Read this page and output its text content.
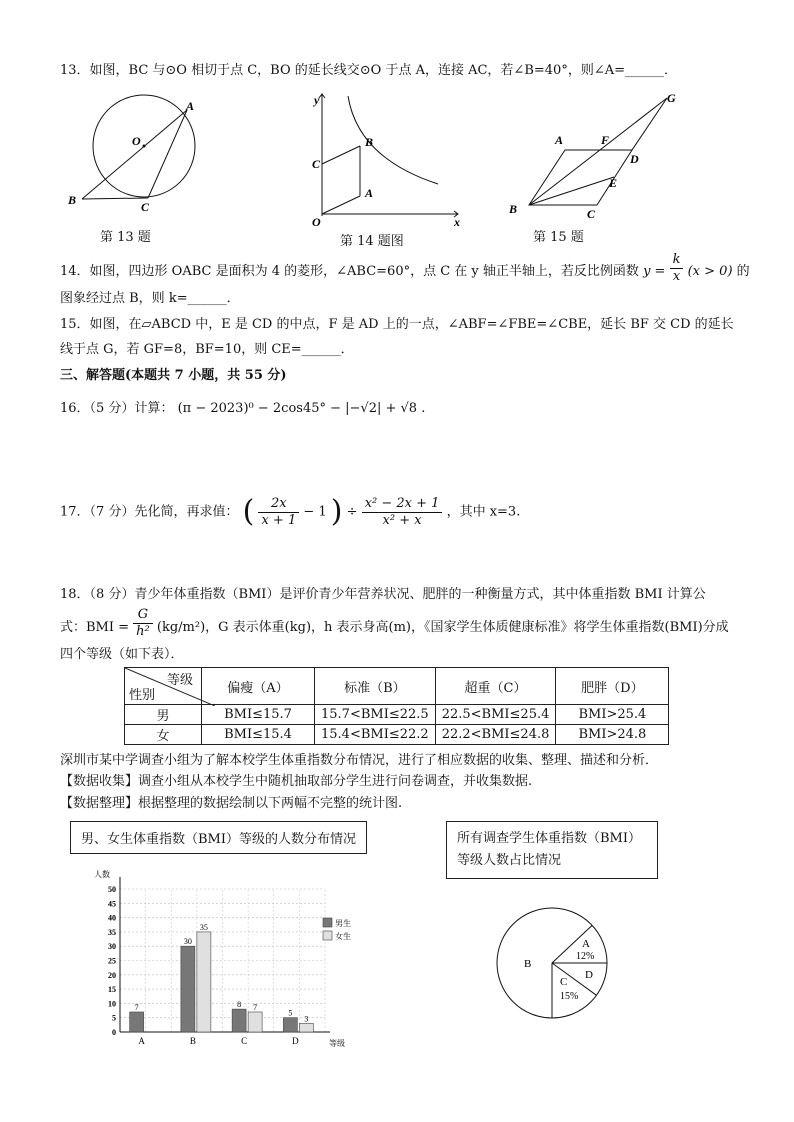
13．如图，BC 与⊙O 相切于点 C，BO 的延长线交⊙O 于点 A，连接 AC，若∠B=40°，则∠A=______．
A
O
B	C
第 13 题
y
x
O
A
B
C
第 14 题图
A	F
G
D
E
B	C
第 15 题
14．如图，四边形 OABC 是面积为 4 的菱形，∠ABC=60°，点 C 在 y 轴正半轴上，若反比例函数 $y = \frac{k}{x} (x > 0)$ 的
图象经过点 B，则 k=______．
15．如图，在▱ABCD 中，E 是 CD 的中点，F 是 AD 上的一点，∠ABF=∠FBE=∠CBE，延长 BF 交 CD 的延长
线于点 G，若 GF=8，BF=10，则 CE=______．
三、解答题(本题共 7 小题，共 55 分)
16．（5 分）计算： (π − 2023)⁰ − 2cos45° − |−√2| + √8 .
17．（7 分）先化简，再求值： ( $\frac{2x}{x + 1} - 1$ ) ÷ $\frac{\text{x² − 2x + 1}}{\text{x² + x}}$ ，其中 x=3.
18．（8 分）青少年体重指数（BMI）是评价青少年营养状况、肥胖的一种衡量方式，其中体重指数 BMI 计算公
式：BMI = $\frac{G}{\text{h²}} (kg/m^2)$，G 表示体重(kg)，h 表示身高(m)，《国家学生体质健康标准》将学生体重指数(BMI)分成
四个等级（如下表）．
等级
性别	偏瘦（A）	标准（B）	超重（C）	肥胖（D）
男	BMI≤15.7	15.7<BMI≤22.5	22.5<BMI≤25.4	BMI>25.4
女	BMI≤15.4	15.4<BMI≤22.2	22.2<BMI≤24.8	BMI>24.8
深圳市某中学调查小组为了解本校学生体重指数分布情况，进行了相应数据的收集、整理、描述和分析．
【数据收集】调查小组从本校学生中随机抽取部分学生进行问卷调查，并收集数据.
【数据整理】根据整理的数据绘制以下两幅不完整的统计图.
男、女生体重指数（BMI）等级的人数分布情况	所有调查学生体重指数（BMI）
等级人数占比情况
0
5
10
15
20
25
30
35
40
45
50
人数
等级
A
7
B
30
35
C
8 7
D
5
3
男生
女生
B
A
12%
D
C
15%
